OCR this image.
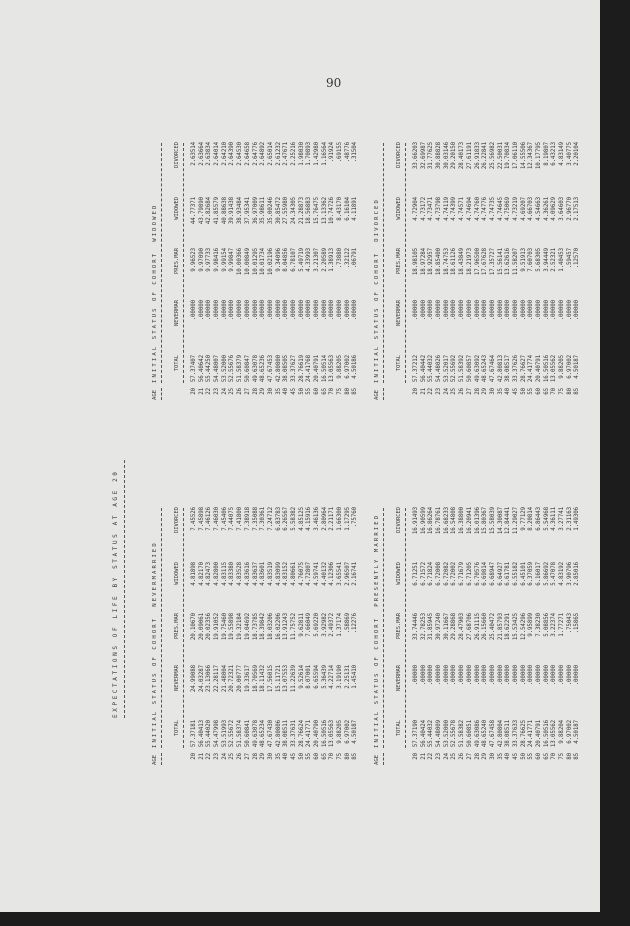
90
EXPECTATIONS OF LIFE BY STATUS AT AGE 20
AGE
INITIAL STATUS OF COHORTNEVERMARRIED
TOTAL
NEVERMAR
PRES.MAR
WIDOWED
DIVORCED
20
57.37181
24.99088
20.10670
4.81898
7.45526
21
56.40413
24.03287
20.09061
4.82170
7.45898
22
55.44020
23.13066
20.02356
4.82473
7.46126
23
54.47998
22.28117
19.91052
4.82800
7.46030
24
53.51993
21.48004
19.75460
4.83115
7.45406
25
52.55672
20.72321
19.55898
4.83380
7.44075
26
51.58374
20.00777
19.32184
4.83528
7.41800
27
50.60841
19.33617
19.04692
4.83616
7.38918
28
49.63078
18.70569
18.73785
4.83637
7.35088
29
48.65234
18.11432
18.39842
4.83601
7.30361
30
47.67430
17.56015
18.03206
4.83519
7.24712
35
42.80806
15.11721
16.02206
4.83099
6.83783
40
38.08511
13.07553
13.91243
4.83152
6.26567
45
33.37631
11.22639
11.75752
4.80661
5.58382
50
28.76624
9.52614
9.62811
4.76075
4.85125
55
24.41771
8.07001
7.66049
4.72807
4.15916
60
20.40790
6.65594
5.69220
4.59741
3.46136
65
16.50516
5.36439
3.92982
4.40132
2.80964
70
13.05563
4.22714
2.49372
4.12306
2.21171
75
9.88205
3.19190
1.37174
3.65541
1.66300
80
6.97002
2.25131
.58869
2.96507
1.17295
85
4.50187
1.45410
.12276
2.16741
.75760
AGE
INITIAL STATUS OF COHORTWIDOWED
TOTAL
NEVERMAR
PRES.MAR
WIDOWED
DIVORCED
20
57.37407
.00000
9.96523
44.77371
2.63514
21
56.40642
.00000
9.97090
43.79890
2.63664
22
55.44250
.00000
9.97733
42.82684
2.63834
23
54.48007
.00000
9.98416
41.85579
2.64014
24
53.52000
.00000
9.99154
40.88638
2.64210
25
52.55676
.00000
9.99847
39.91438
2.64390
26
51.58379
.00000
10.00366
38.93484
2.64530
27
50.60847
.00000
10.00849
37.95341
2.64658
28
49.63078
.00000
10.01295
36.97009
2.64776
29
48.65236
.00000
10.01734
35.98611
2.64892
30
47.67453
.00000
10.02196
35.00246
2.65014
35
42.80800
.00000
9.34096
30.85472
2.61232
40
38.08505
.00000
8.04856
27.55980
2.47671
45
33.37627
.00000
6.78107
24.34305
2.25216
50
28.76619
.00000
5.49719
21.28873
1.98030
55
24.41768
.00000
4.33993
18.56883
1.70893
60
20.40791
.00000
3.21307
15.76475
1.42980
65
16.50514
.00000
2.20589
13.13362
1.16564
70
13.05563
.00000
1.38913
10.74726
.91924
75
9.88205
.00000
.73880
8.43170
.69155
80
6.97002
.00000
.32122
6.16104
.48776
85
4.50186
.00000
.06791
4.11891
.31504
AGE
INITIAL STATUS OF COHORTPRESENTLY MARRIED
TOTAL
NEVERMAR
PRES.MAR
WIDOWED
DIVORCED
20
57.37190
.00000
33.74446
6.71251
16.91493
21
56.40424
.00000
32.78253
6.71572
16.90599
22
55.44032
.00000
31.85945
6.71824
16.86264
23
54.48009
.00000
30.97240
6.72008
16.78761
24
53.52000
.00000
30.11667
6.72082
16.68233
25
52.55678
.00000
29.28868
6.72002
16.54808
26
51.58382
.00000
28.47903
6.71679
16.38800
27
50.60851
.00000
27.68706
6.71205
16.20941
28
49.63086
.00000
26.91115
6.70576
16.01396
29
48.65240
.00000
26.15660
6.69814
15.80367
30
47.67458
.00000
25.40472
6.68947
15.58039
35
42.80804
.00000
21.85793
6.64927
14.30087
40
38.08511
.00000
18.62291
6.61781
12.84441
45
33.37633
.00000
15.53425
6.55182
11.29027
50
28.76625
.00000
12.54296
6.45101
9.77129
55
24.41771
.00000
9.95899
6.37059
8.20814
60
20.40791
.00000
7.38230
6.16017
6.86443
65
16.50516
.00000
5.08856
5.86692
5.54968
70
13.05562
.00000
3.22374
5.47078
4.36111
75
9.88204
.00000
1.77271
4.83192
3.27741
80
6.97002
.00000
.75043
3.90796
2.31163
85
4.50187
.00000
.15865
2.85016
1.49306
AGE
INITIAL STATUS OF COHORTDIVORCED
TOTAL
NEVERMAR
PRES.MAR
WIDOWED
DIVORCED
20
57.37212
.00000
18.98105
4.72904
33.66203
21
56.40442
.00000
18.97284
4.73172
32.69987
22
55.44032
.00000
18.92957
4.73471
31.77625
23
54.48026
.00000
18.85400
4.73798
30.88828
24
53.52017
.00000
18.74753
4.74119
30.03146
25
52.55692
.00000
18.61126
4.74399
29.20150
26
51.58392
.00000
18.43849
4.74571
28.40173
27
50.60857
.00000
18.21973
4.74694
27.61191
28
49.63092
.00000
17.96500
4.74760
26.91833
29
48.65243
.00000
17.67628
4.74776
26.22841
30
47.67464
.00000
17.35727
4.74735
25.56982
35
42.80813
.00000
15.56141
4.74645
22.50031
40
38.08517
.00000
13.62616
4.75069
19.70834
45
33.37626
.00000
11.58207
4.73219
17.06110
50
28.76627
.00000
9.51913
4.69207
14.55506
55
24.41774
.00000
7.60703
4.66703
12.34367
60
20.40791
.00000
5.68305
4.54663
10.17795
65
16.50516
.00000
3.94449
4.36261
8.19807
70
13.05562
.00000
2.52321
4.09629
6.43213
75
9.88205
.00000
1.40453
3.64603
4.83149
80
6.97002
.00000
.59457
2.96770
3.40775
85
4.50187
.00000
.12570
2.17513
2.20104
